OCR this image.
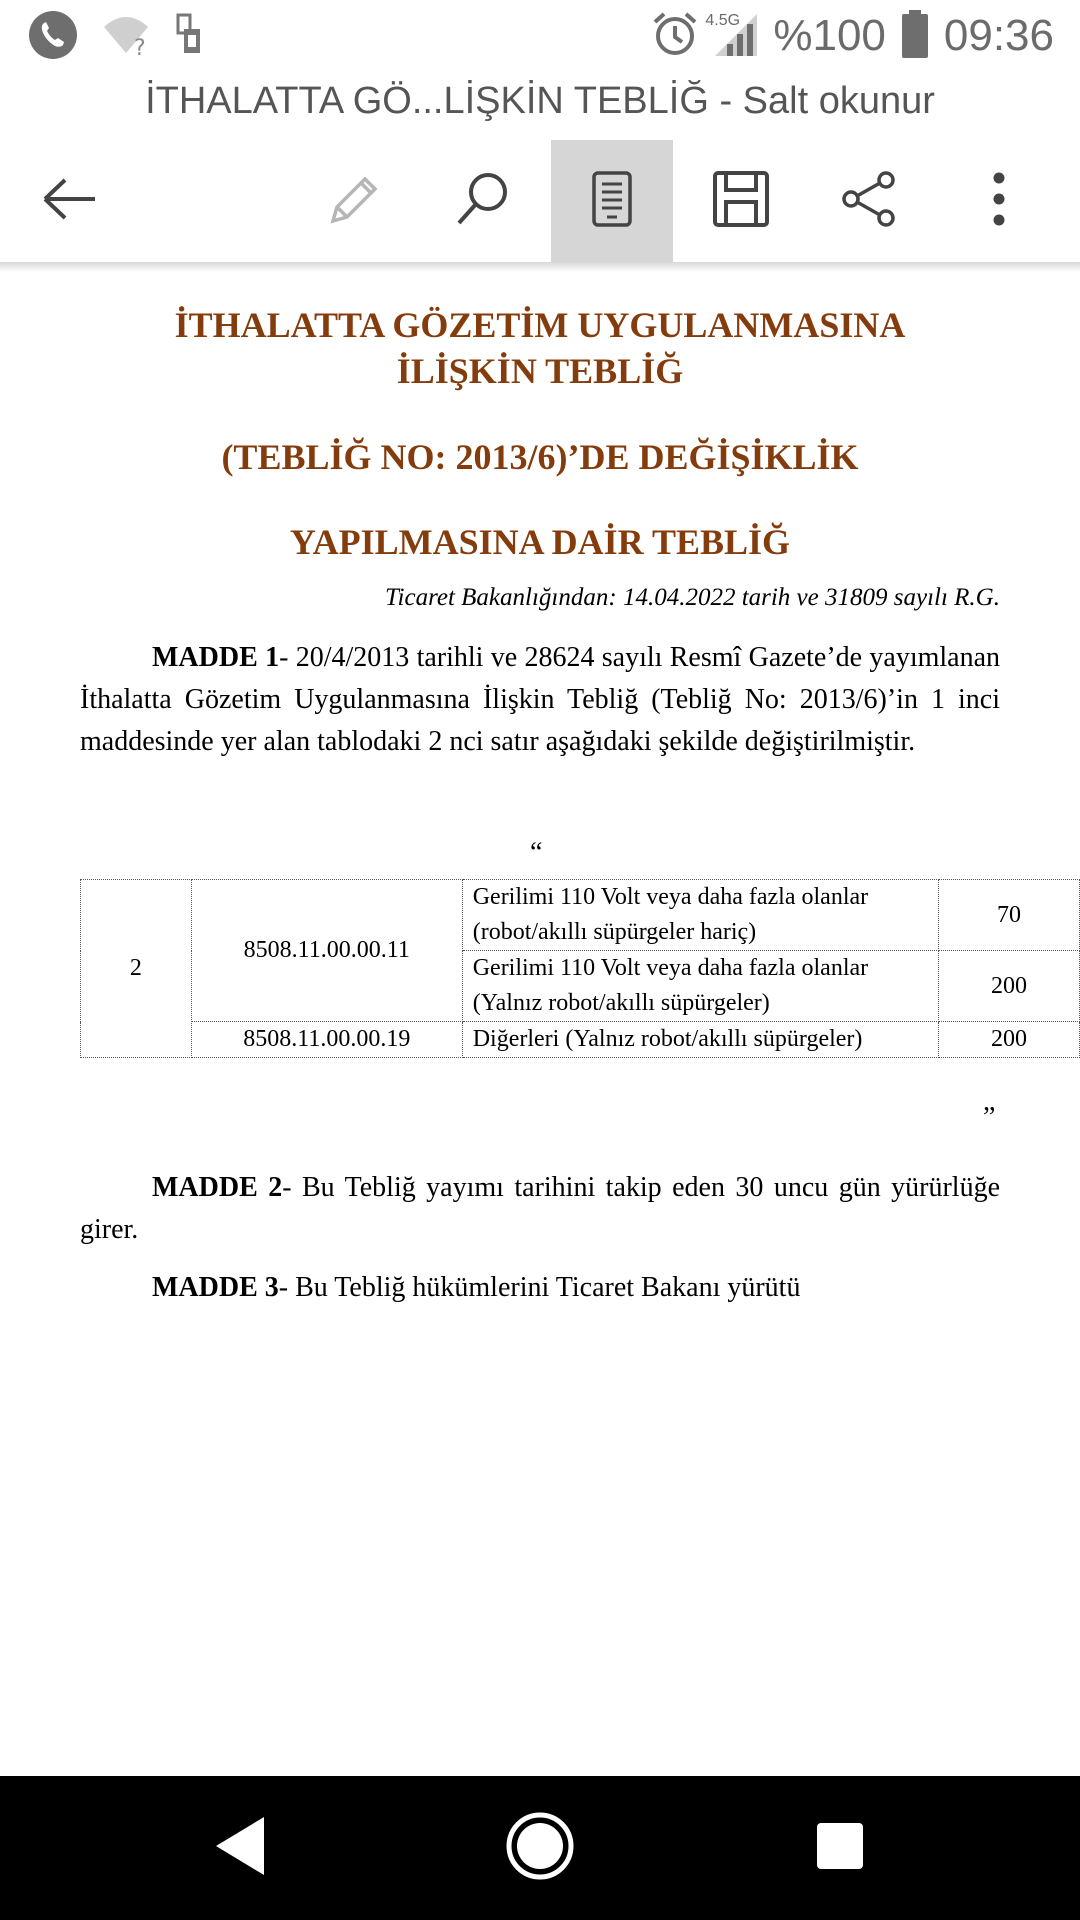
?
4.5G %100 09:36
İTHALATTA GÖ...LİŞKİN TEBLİĞ - Salt okunur
İTHALATTA GÖZETİM UYGULANMASINA
İLİŞKİN TEBLİĞ
(TEBLİĞ NO: 2013/6)’DE DEĞİŞİKLİK
YAPILMASINA DAİR TEBLİĞ
Ticaret Bakanlığından: 14.04.2022 tarih ve 31809 sayılı R.G.
MADDE 1- 20/4/2013 tarihli ve 28624 sayılı Resmî Gazete’de yayımlanan İthalatta Gözetim Uygulanmasına İlişkin Tebliğ (Tebliğ No: 2013/6)’in 1 inci maddesinde yer alan tablodaki 2 nci satır aşağıdaki şekilde değiştirilmiştir.
“
2	8508.11.00.00.11	Gerilimi 110 Volt veya daha fazla olanlar (robot/akıllı süpürgeler hariç)	70
		Gerilimi 110 Volt veya daha fazla olanlar (Yalnız robot/akıllı süpürgeler)	200
	8508.11.00.00.19	Diğerleri (Yalnız robot/akıllı süpürgeler)	200
”
MADDE 2- Bu Tebliğ yayımı tarihini takip eden 30 uncu gün yürürlüğe girer.
MADDE 3- Bu Tebliğ hükümlerini Ticaret Bakanı yürütü
